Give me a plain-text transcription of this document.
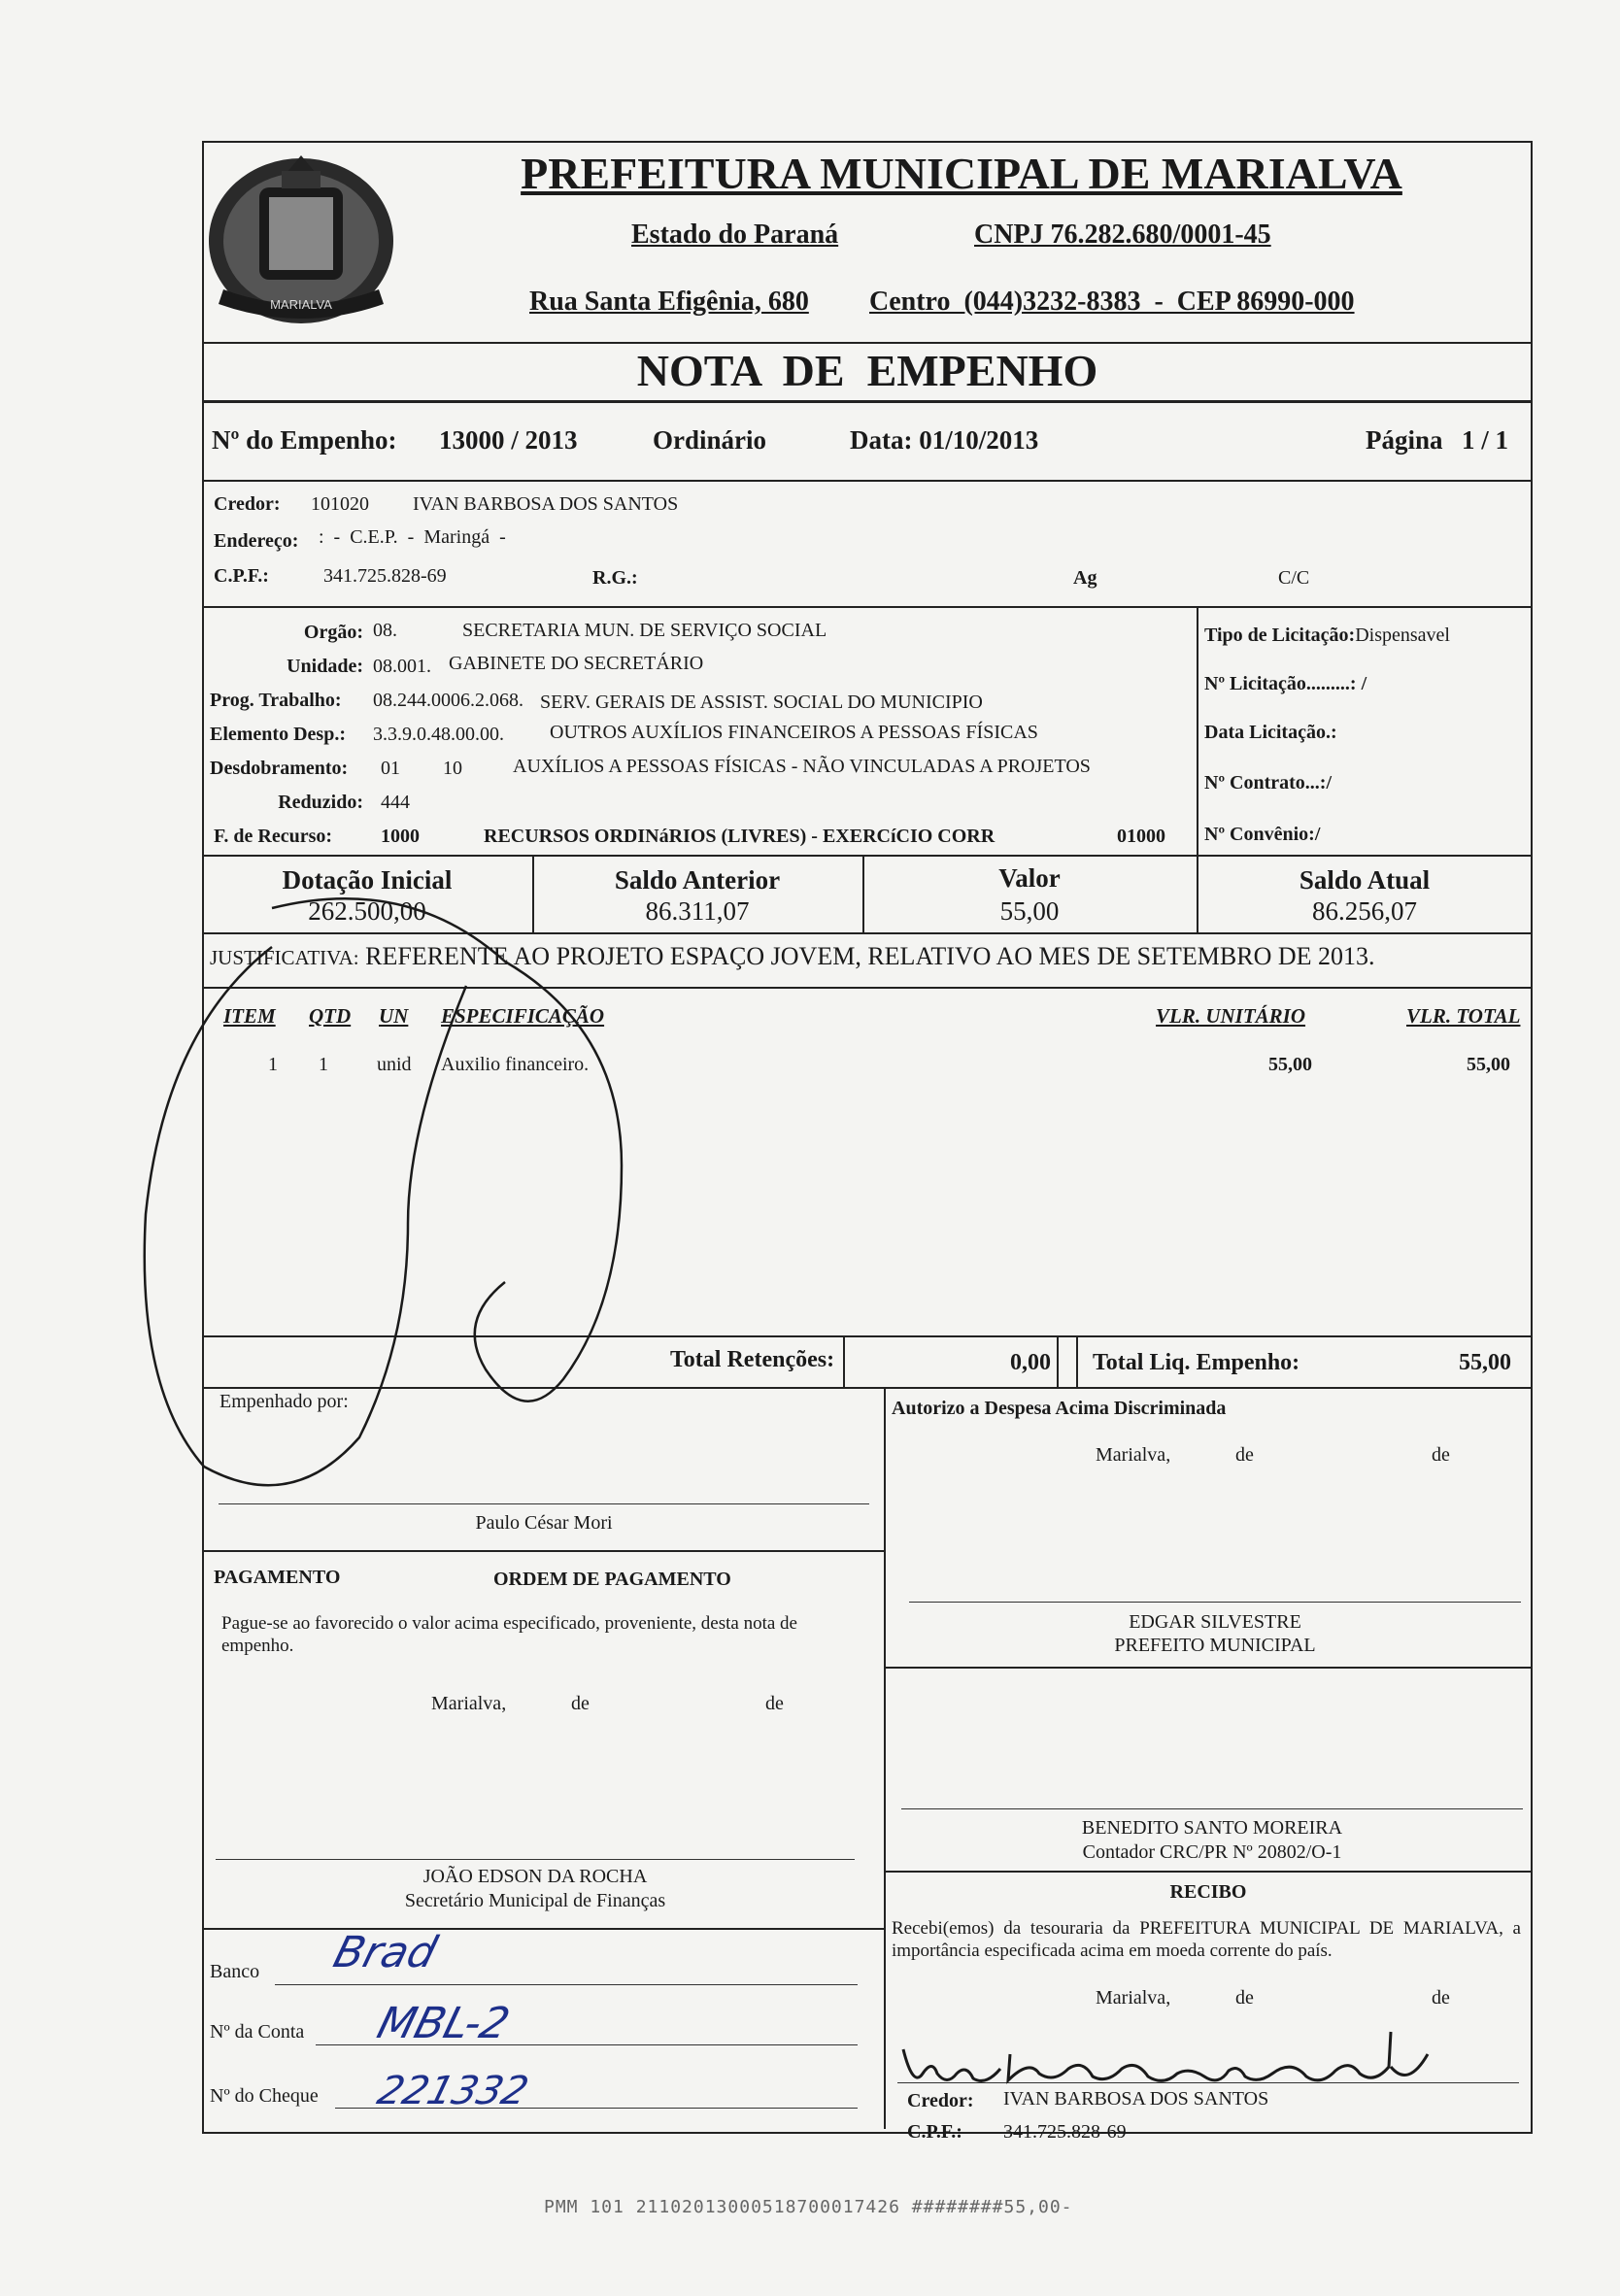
MARIALVA
PREFEITURA MUNICIPAL DE MARIALVA
Estado do Paraná	CNPJ 76.282.680/0001-45
Rua Santa Efigênia, 680 Centro  (044)3232-8383  -  CEP 86990-000
NOTA  DE  EMPENHO
Nº do Empenho: 13000 / 2013	Ordinário	Data: 01/10/2013	Página 1 / 1
Credor: 101020 IVAN BARBOSA DOS SANTOS
Endereço: :  -  C.E.P.  -  Maringá  -
C.P.F.:	341.725.828-69	R.G.:	Ag	C/C
Orgão: 08.	SECRETARIA MUN. DE SERVIÇO SOCIAL
Unidade: 08.001. GABINETE DO SECRETÁRIO
Prog. Trabalho: 08.244.0006.2.068. SERV. GERAIS DE ASSIST. SOCIAL DO MUNICIPIO
Elemento Desp.: 3.3.9.0.48.00.00. OUTROS AUXÍLIOS FINANCEIROS A PESSOAS FÍSICAS
Desdobramento: 01 10	AUXÍLIOS A PESSOAS FÍSICAS - NÃO VINCULADAS A PROJETOS
Reduzido: 444
F. de Recurso: 1000	RECURSOS ORDINáRIOS (LIVRES) - EXERCíCIO CORR	01000
Tipo de Licitação:Dispensavel
Nº Licitação.........: /
Data Licitação.:
Nº Contrato...:/
Nº Convênio:/
Dotação Inicial
262.500,00
Saldo Anterior
86.311,07
Valor
55,00
Saldo Atual
86.256,07
JUSTIFICATIVA: REFERENTE AO PROJETO ESPAÇO JOVEM, RELATIVO AO MES DE SETEMBRO DE 2013.
ITEM QTD UN ESPECIFICAÇÃO	VLR. UNITÁRIO	VLR. TOTAL
1 1	unid Auxilio financeiro.	55,00	55,00
Total Retenções:	0,00 Total Liq. Empenho:	55,00
Empenhado por:
Paulo César Mori
Autorizo a Despesa Acima Discriminada
Marialva,	de	de
PAGAMENTO	ORDEM DE PAGAMENTO
Pague-se ao favorecido o valor acima especificado, proveniente, desta nota de empenho.
Marialva,	de	de
JOÃO EDSON DA ROCHA
Secretário Municipal de Finanças
EDGAR SILVESTRE
PREFEITO MUNICIPAL
BENEDITO SANTO MOREIRA
Contador CRC/PR Nº 20802/O-1
Banco
Nº da Conta
Nº do Cheque
Brad
MBL-2
221332
RECIBO
Recebi(emos) da tesouraria da PREFEITURA MUNICIPAL DE MARIALVA, a importância especificada acima em moeda corrente do país.
Marialva,	de	de
Credor: IVAN BARBOSA DOS SANTOS
C.P.F.: 341.725.828-69
PMM 101 21102013000518700017426 ########55,00-
